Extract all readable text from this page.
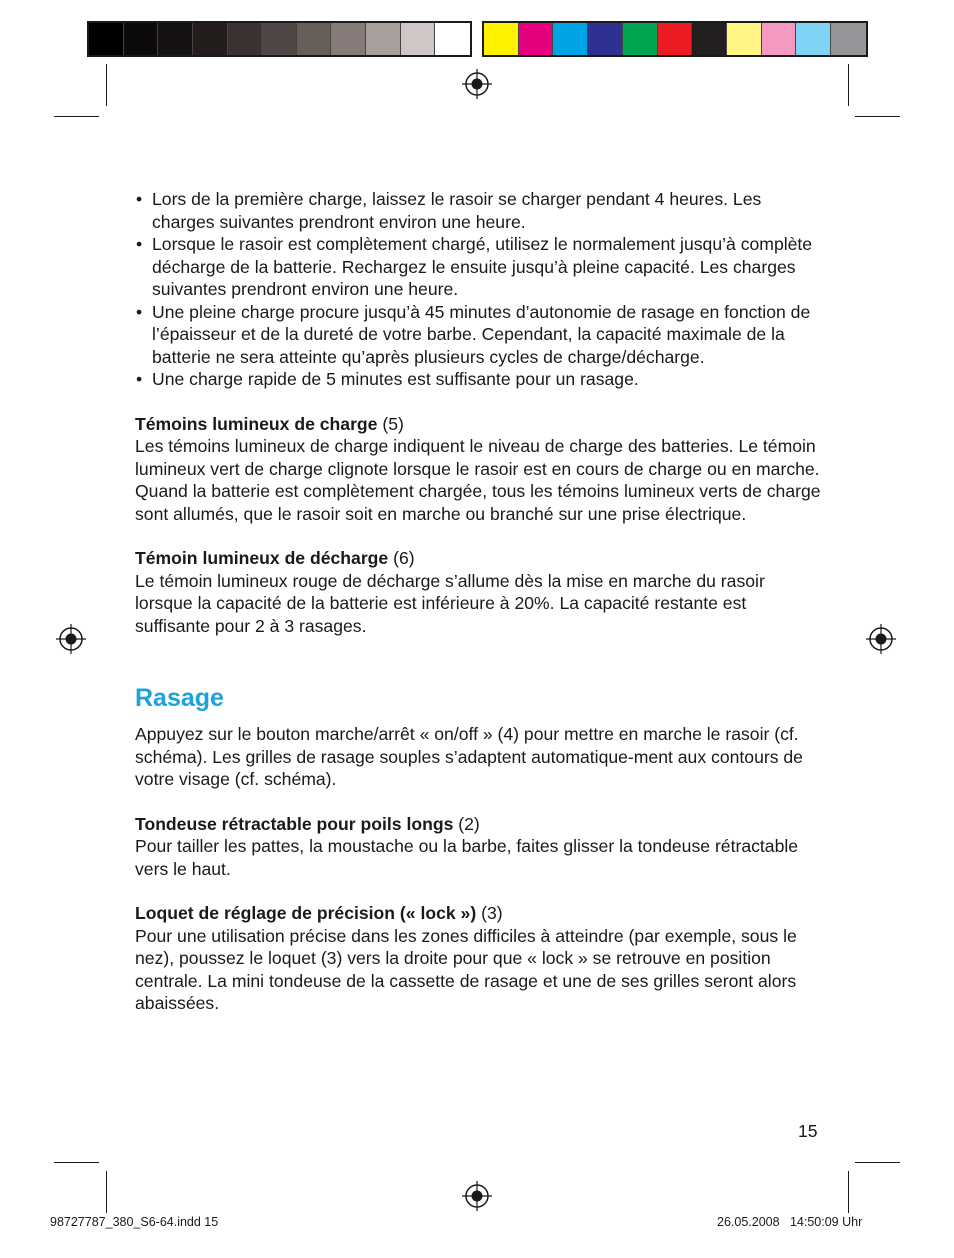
• Lors de la première charge, laissez le rasoir se charger pendant 4 heures. Les charges suivantes prendront environ une heure.
• Lorsque le rasoir est complètement chargé, utilisez le normalement jusqu’à complète décharge de la batterie. Rechargez le ensuite jusqu’à pleine capacité. Les charges suivantes prendront environ une heure.
• Une pleine charge procure jusqu’à 45 minutes d’autonomie de rasage en fonction de l’épaisseur et de la dureté de votre barbe. Cependant, la capacité maximale de la batterie ne sera atteinte qu’après plusieurs cycles de charge/décharge.
• Une charge rapide de 5 minutes est suffisante pour un rasage.

Témoins lumineux de charge (5)

Les témoins lumineux de charge indiquent le niveau de charge des batteries. Le témoin lumineux vert de charge clignote lorsque le rasoir est en cours de charge ou en marche. Quand la batterie est complètement chargée, tous les témoins lumineux verts de charge sont allumés, que le rasoir soit en marche ou branché sur une prise électrique.

Témoin lumineux de décharge (6)

Le témoin lumineux rouge de décharge s’allume dès la mise en marche du rasoir lorsque la capacité de la batterie est inférieure à 20%. La capacité restante est suffisante pour 2 à 3 rasages.

Rasage

Appuyez sur le bouton marche/arrêt « on/off » (4) pour mettre en marche le rasoir (cf. schéma). Les grilles de rasage souples s’adaptent automatique-ment aux contours de votre visage (cf. schéma).

Tondeuse rétractable pour poils longs (2)

Pour tailler les pattes, la moustache ou la barbe, faites glisser la tondeuse rétractable vers le haut.

Loquet de réglage de précision (« lock ») (3)

Pour une utilisation précise dans les zones difficiles à atteindre (par exemple, sous le nez), poussez le loquet (3) vers la droite pour que « lock » se retrouve en position centrale. La mini tondeuse de la cassette de rasage et une de ses grilles seront alors abaissées.

15
98727787_380_S6-64.indd 15	26.05.2008   14:50:09 Uhr
